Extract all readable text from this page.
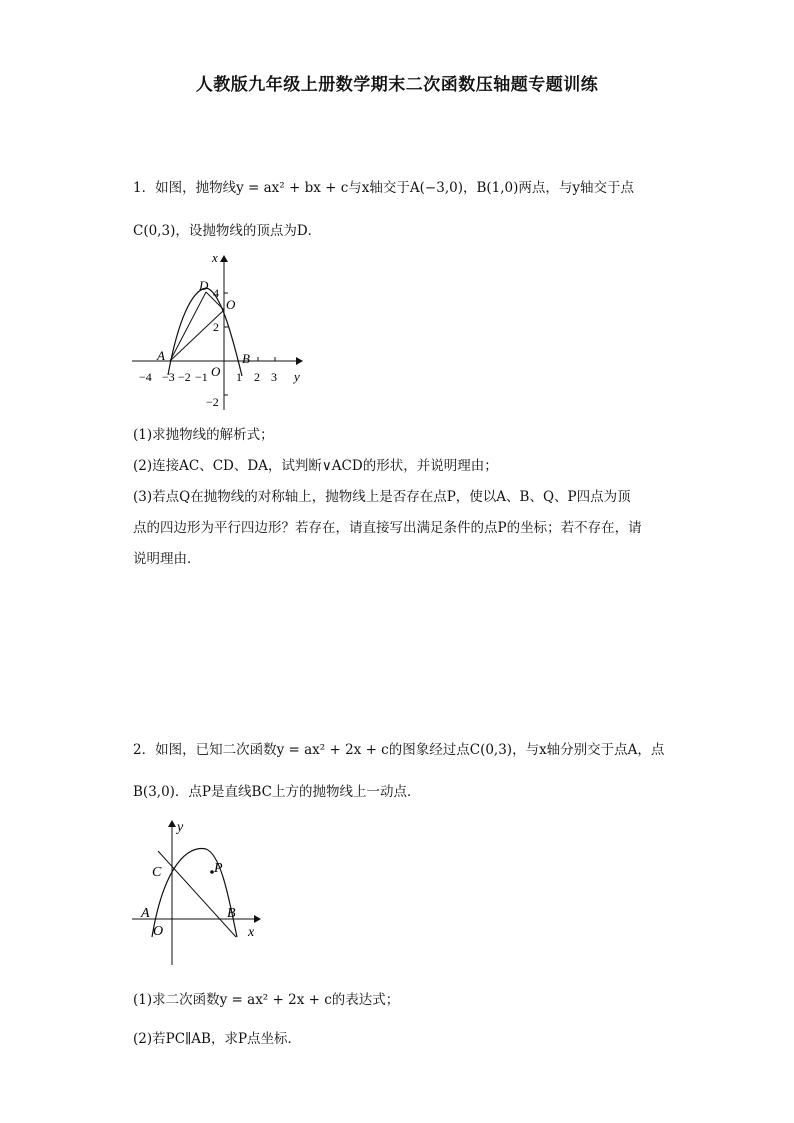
人教版九年级上册数学期末二次函数压轴题专题训练
1．如图，抛物线y = ax² + bx + c与x轴交于A(−3,0)，B(1,0)两点，与y轴交于点
C(0,3)，设抛物线的顶点为D．
x
y
D
O
A	B
O
−4 −3 −2 −1 1 2 3
4
2
−2
(1)求抛物线的解析式；
(2)连接AC、CD、DA，试判断∨ACD的形状，并说明理由；
(3)若点Q在抛物线的对称轴上，抛物线上是否存在点P，使以A、B、Q、P四点为顶
点的四边形为平行四边形？若存在，请直接写出满足条件的点P的坐标；若不存在，请
说明理由．
2．如图，已知二次函数y = ax² + 2x + c的图象经过点C(0,3)，与x轴分别交于点A，点
B(3,0)．点P是直线BC上方的抛物线上一动点．
y
x
C	P
A
O
B
(1)求二次函数y = ax² + 2x + c的表达式；
(2)若PC∥AB，求P点坐标．
